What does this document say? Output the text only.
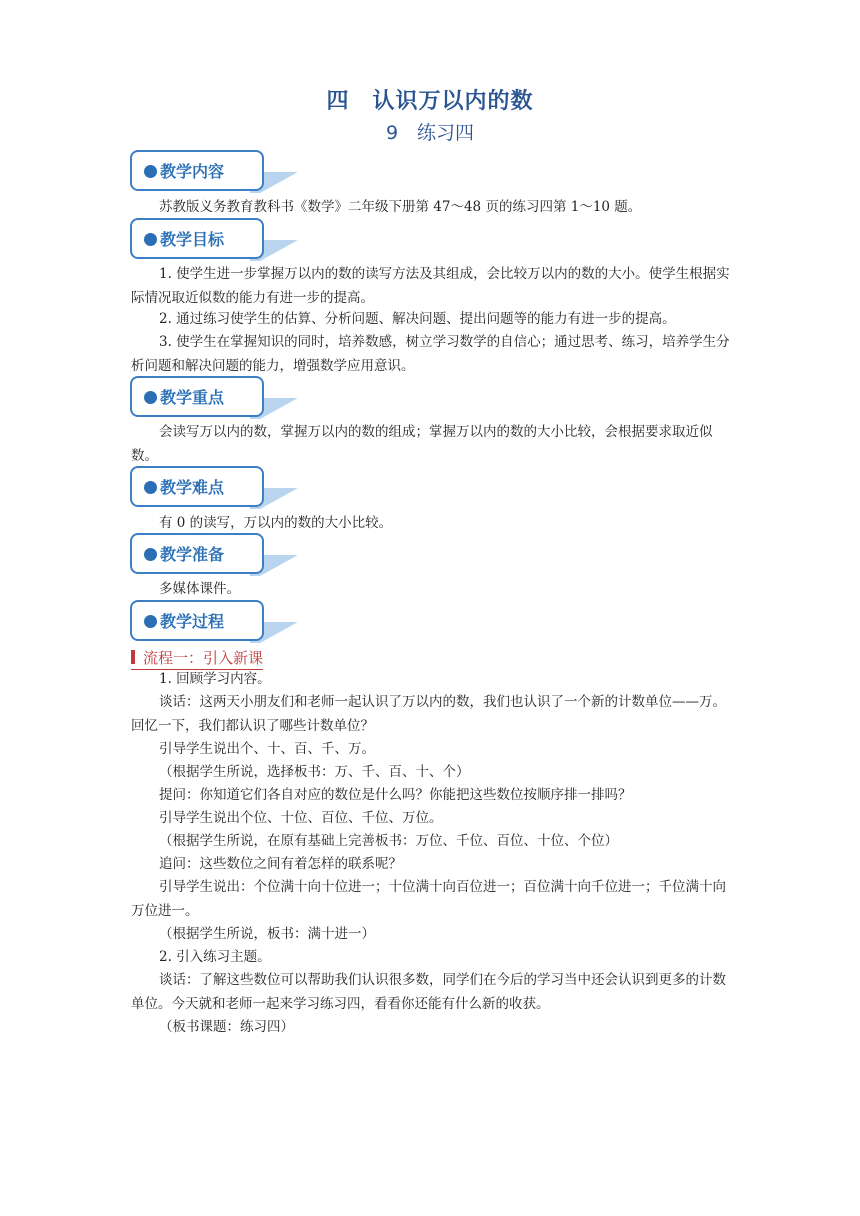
四　认识万以内的数
9　练习四
教学内容

苏教版义务教育教科书《数学》二年级下册第 47～48 页的练习四第 1～10 题。

教学目标

1. 使学生进一步掌握万以内的数的读写方法及其组成，会比较万以内的数的大小。使学生根据实际情况取近似数的能力有进一步的提高。

2. 通过练习使学生的估算、分析问题、解决问题、提出问题等的能力有进一步的提高。

3. 使学生在掌握知识的同时，培养数感，树立学习数学的自信心；通过思考、练习，培养学生分析问题和解决问题的能力，增强数学应用意识。

教学重点

会读写万以内的数，掌握万以内的数的组成；掌握万以内的数的大小比较，会根据要求取近似数。

教学难点

有 0 的读写，万以内的数的大小比较。

教学准备

多媒体课件。

教学过程
流程一：引入新课

1. 回顾学习内容。

谈话：这两天小朋友们和老师一起认识了万以内的数，我们也认识了一个新的计数单位——万。回忆一下，我们都认识了哪些计数单位？

引导学生说出个、十、百、千、万。

（根据学生所说，选择板书：万、千、百、十、个）

提问：你知道它们各自对应的数位是什么吗？你能把这些数位按顺序排一排吗？

引导学生说出个位、十位、百位、千位、万位。

（根据学生所说，在原有基础上完善板书：万位、千位、百位、十位、个位）

追问：这些数位之间有着怎样的联系呢？

引导学生说出：个位满十向十位进一；十位满十向百位进一；百位满十向千位进一；千位满十向万位进一。

（根据学生所说，板书：满十进一）

2. 引入练习主题。

谈话：了解这些数位可以帮助我们认识很多数，同学们在今后的学习当中还会认识到更多的计数单位。今天就和老师一起来学习练习四，看看你还能有什么新的收获。

（板书课题：练习四）
